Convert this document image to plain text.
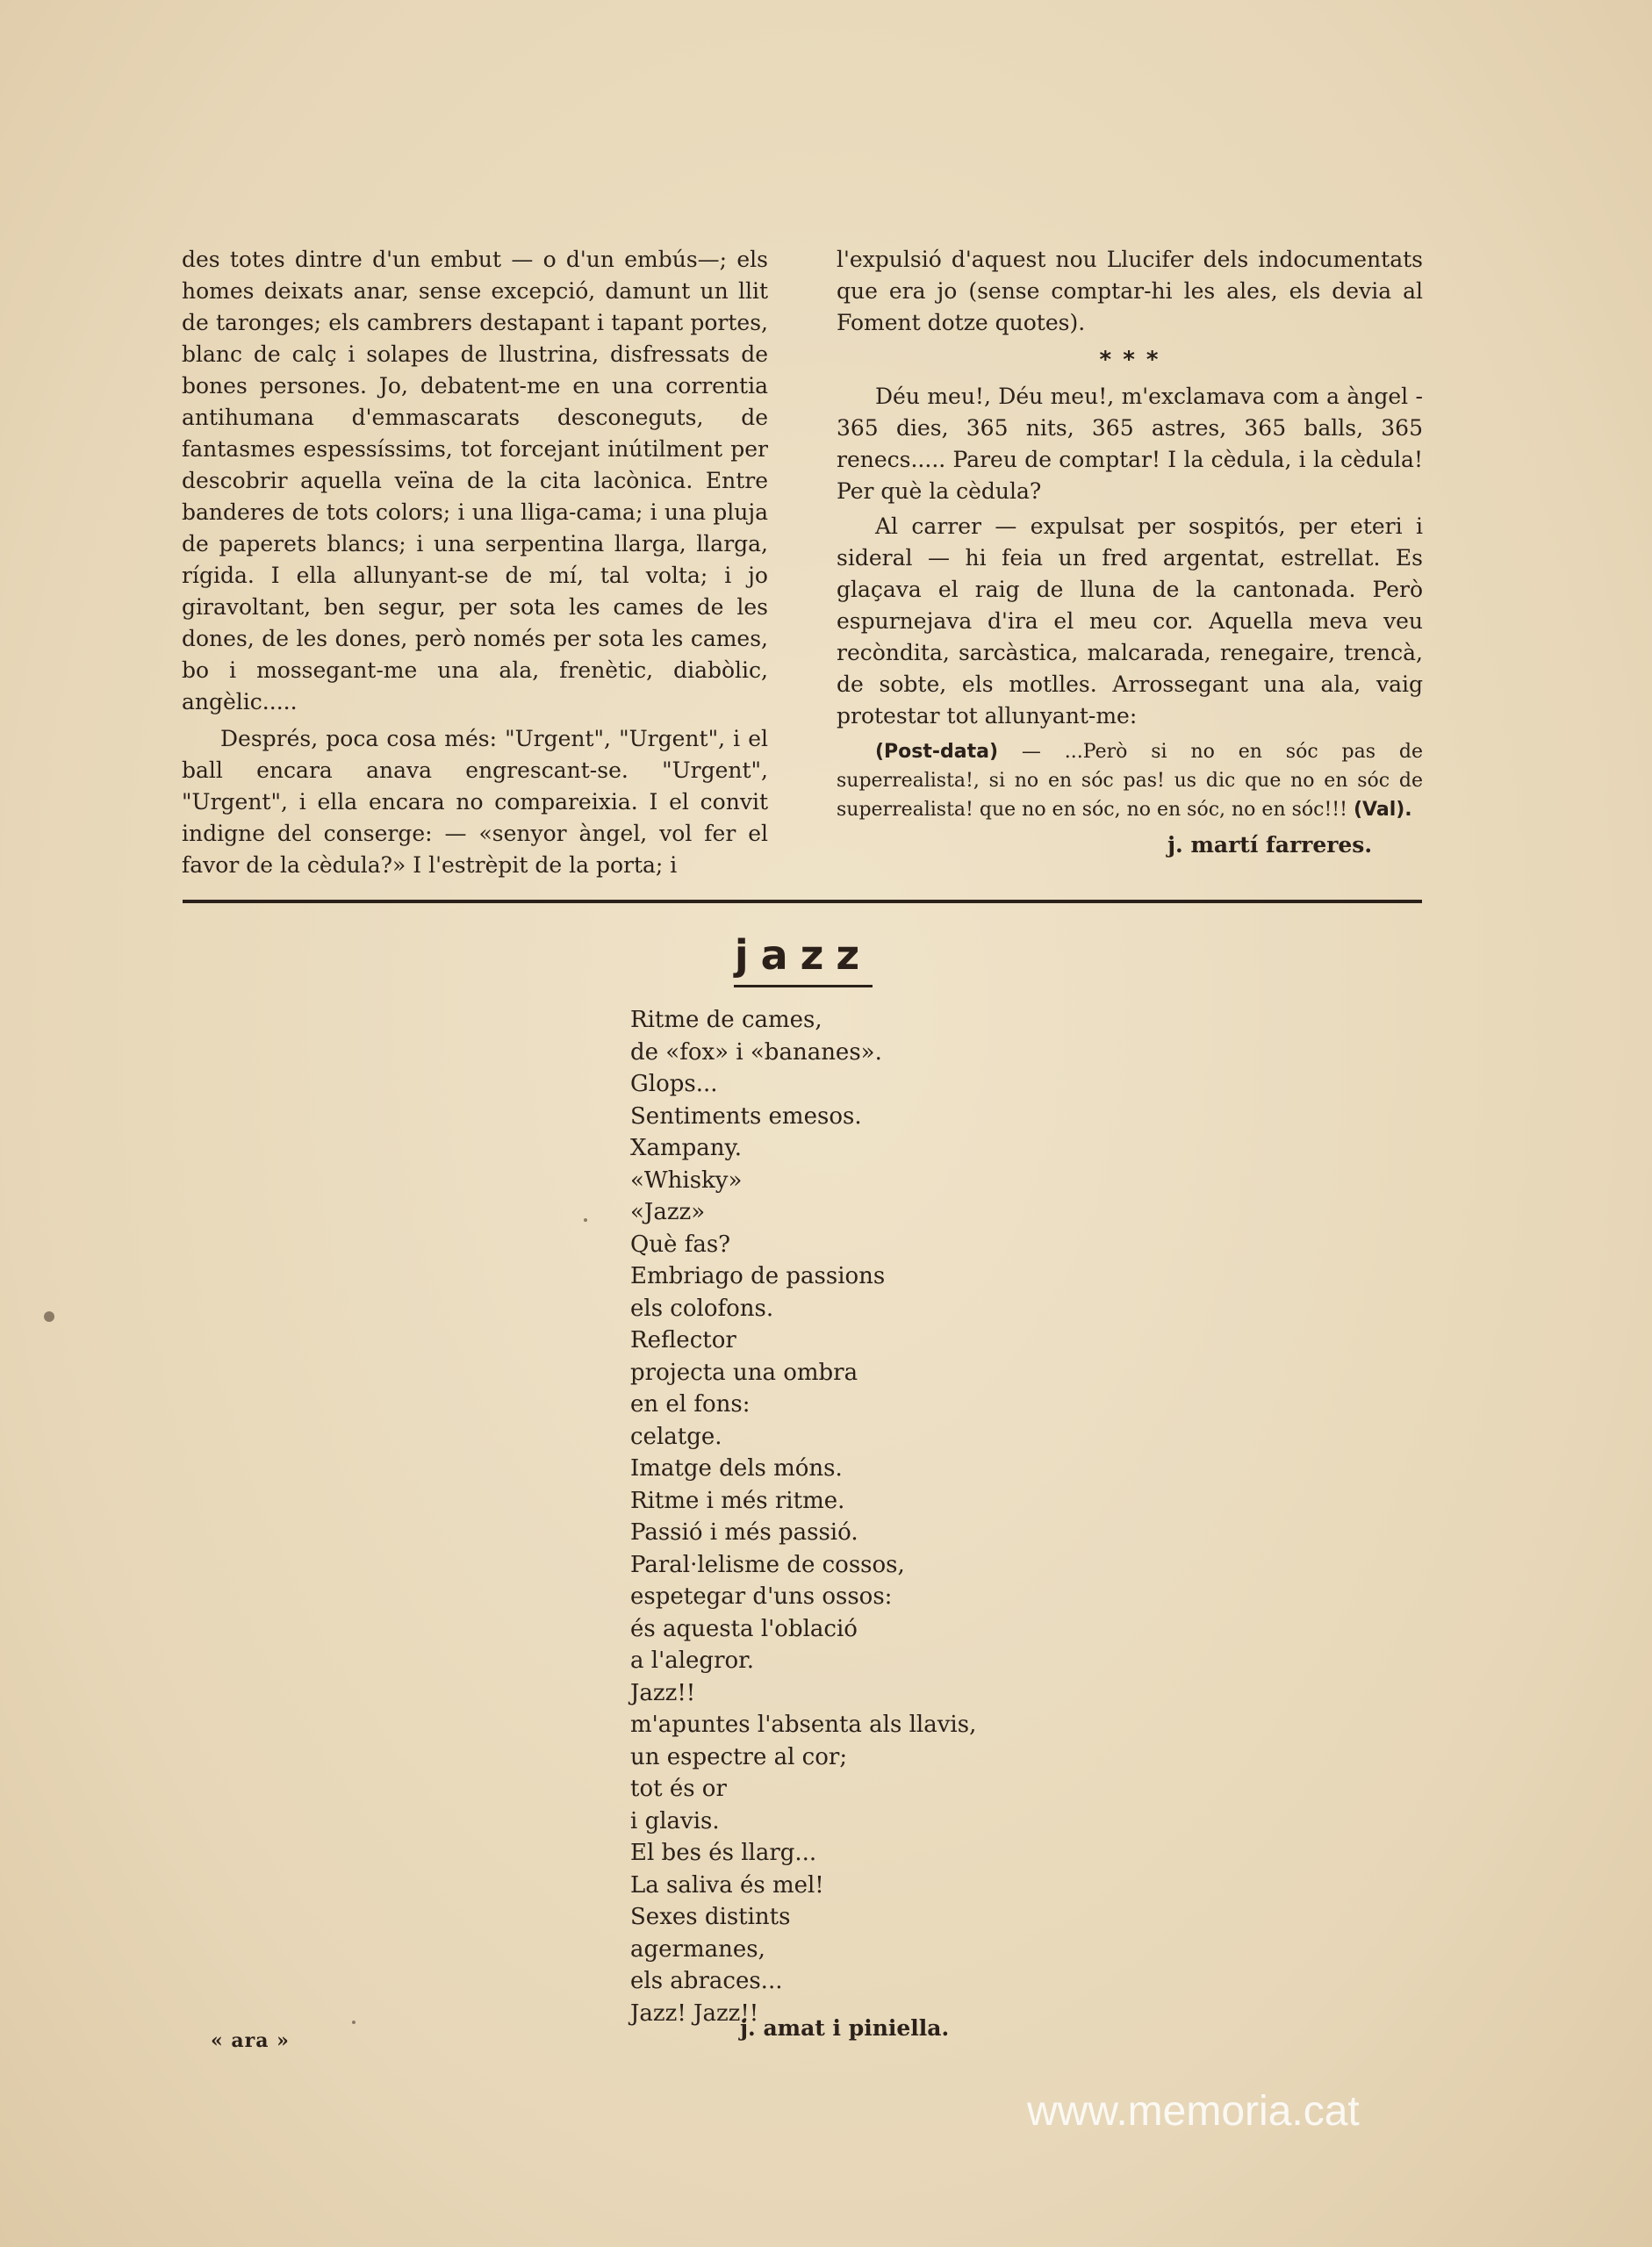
des totes dintre d'un embut — o d'un embús—; els homes deixats anar, sense excepció, damunt un llit de taronges; els cambrers destapant i tapant portes, blanc de calç i solapes de llustrina, disfressats de bones persones. Jo, debatent-me en una correntia antihumana d'emmascarats desconeguts, de fantasmes espessíssims, tot forcejant inútilment per descobrir aquella veïna de la cita lacònica. Entre banderes de tots colors; i una lliga-cama; i una pluja de paperets blancs; i una serpentina llarga, llarga, rígida. I ella allunyant-se de mí, tal volta; i jo giravoltant, ben segur, per sota les cames de les dones, de les dones, però només per sota les cames, bo i mossegant-me una ala, frenètic, diabòlic, angèlic.....

Després, poca cosa més: "Urgent", "Urgent", i el ball encara anava engrescant-se. "Urgent", "Urgent", i ella encara no compareixia. I el convit indigne del conserge: — «senyor àngel, vol fer el favor de la cèdula?» I l'estrèpit de la porta; i

l'expulsió d'aquest nou Llucifer dels indocumentats que era jo (sense comptar-hi les ales, els devia al Foment dotze quotes).

* * *

Déu meu!, Déu meu!, m'exclamava com a àngel - 365 dies, 365 nits, 365 astres, 365 balls, 365 renecs..... Pareu de comptar! I la cèdula, i la cèdula! Per què la cèdula?

Al carrer — expulsat per sospitós, per eteri i sideral — hi feia un fred argentat, estrellat. Es glaçava el raig de lluna de la cantonada. Però espurnejava d'ira el meu cor. Aquella meva veu recòndita, sarcàstica, malcarada, renegaire, trencà, de sobte, els motlles. Arrossegant una ala, vaig protestar tot allunyant-me:

(Post-data) — ...Però si no en sóc pas de superrealista!, si no en sóc pas! us dic que no en sóc de superrealista! que no en sóc, no en sóc, no en sóc!!! (Val).

j. martí farreres.
jazz
Ritme de cames,
de «fox» i «bananes».
Glops...
Sentiments emesos.
Xampany.
«Whisky»
«Jazz»
Què fas?
Embriago de passions
els colofons.
Reflector
projecta una ombra
en el fons:
celatge.
Imatge dels móns.
Ritme i més ritme.
Passió i més passió.
Paral·lelisme de cossos,
espetegar d'uns ossos:
és aquesta l'oblació
a l'alegror.
Jazz!!
m'apuntes l'absenta als llavis,
un espectre al cor;
tot és or
i glavis.
El bes és llarg...
La saliva és mel!
Sexes distints
agermanes,
els abraces...
Jazz! Jazz!!
j. amat i piniella.
« ara »
www.memoria.cat
